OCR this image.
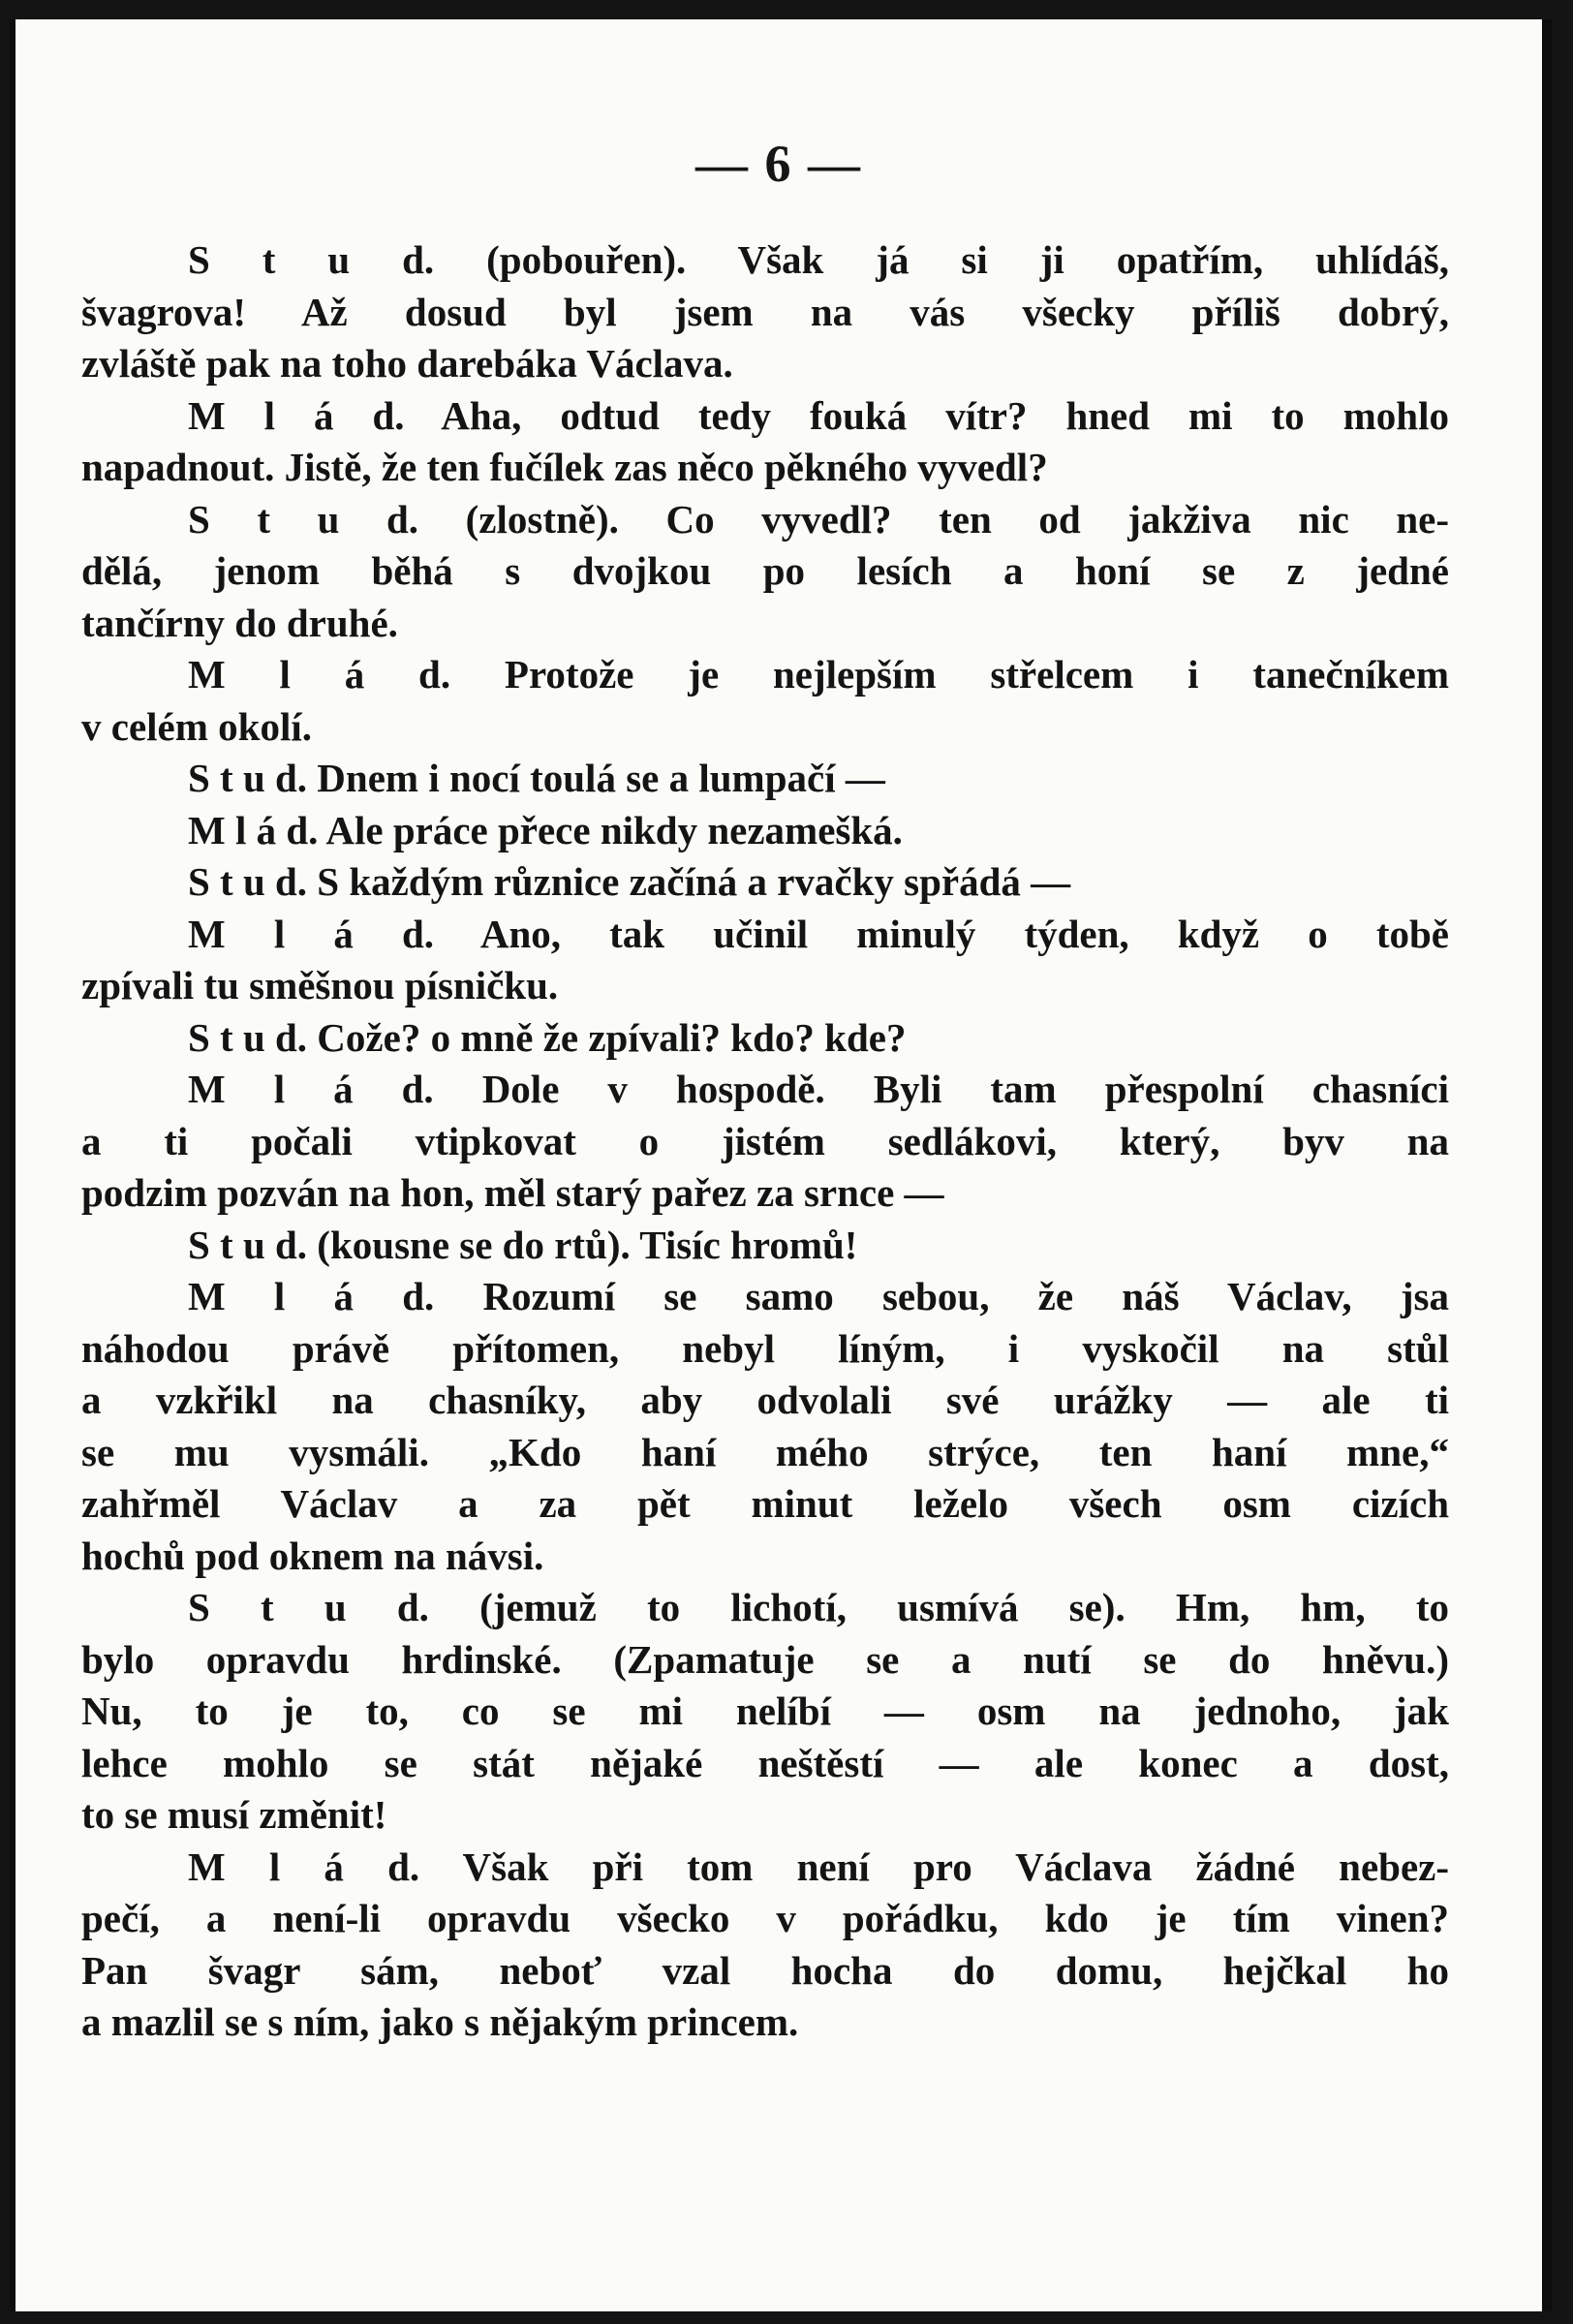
— 6 —
S t u d. (pobouřen). Však já si ji opatřím, uhlídáš,
švagrova! Až dosud byl jsem na vás všecky příliš dobrý,
zvláště pak na toho darebáka Václava.
M l á d. Aha, odtud tedy fouká vítr? hned mi to mohlo
napadnout. Jistě, že ten fučílek zas něco pěkného vyvedl?
S t u d. (zlostně). Co vyvedl? ten od jakživa nic ne-
dělá, jenom běhá s dvojkou po lesích a honí se z jedné
tančírny do druhé.
M l á d. Protože je nejlepším střelcem i tanečníkem
v celém okolí.
S t u d. Dnem i nocí toulá se a lumpačí —
M l á d. Ale práce přece nikdy nezamešká.
S t u d. S každým různice začíná a rvačky spřádá —
M l á d. Ano, tak učinil minulý týden, když o tobě
zpívali tu směšnou písničku.
S t u d. Cože? o mně že zpívali? kdo? kde?
M l á d. Dole v hospodě. Byli tam přespolní chasníci
a ti počali vtipkovat o jistém sedlákovi, který, byv na
podzim pozván na hon, měl starý pařez za srnce —
S t u d. (kousne se do rtů). Tisíc hromů!
M l á d. Rozumí se samo sebou, že náš Václav, jsa
náhodou právě přítomen, nebyl líným, i vyskočil na stůl
a vzkřikl na chasníky, aby odvolali své urážky — ale ti
se mu vysmáli. „Kdo haní mého strýce, ten haní mne,“
zahřměl Václav a za pět minut leželo všech osm cizích
hochů pod oknem na návsi.
S t u d. (jemuž to lichotí, usmívá se). Hm, hm, to
bylo opravdu hrdinské. (Zpamatuje se a nutí se do hněvu.)
Nu, to je to, co se mi nelíbí — osm na jednoho, jak
lehce mohlo se stát nějaké neštěstí — ale konec a dost,
to se musí změnit!
M l á d. Však při tom není pro Václava žádné nebez-
pečí, a není-li opravdu všecko v pořádku, kdo je tím vinen?
Pan švagr sám, neboť vzal hocha do domu, hejčkal ho
a mazlil se s ním, jako s nějakým princem.
